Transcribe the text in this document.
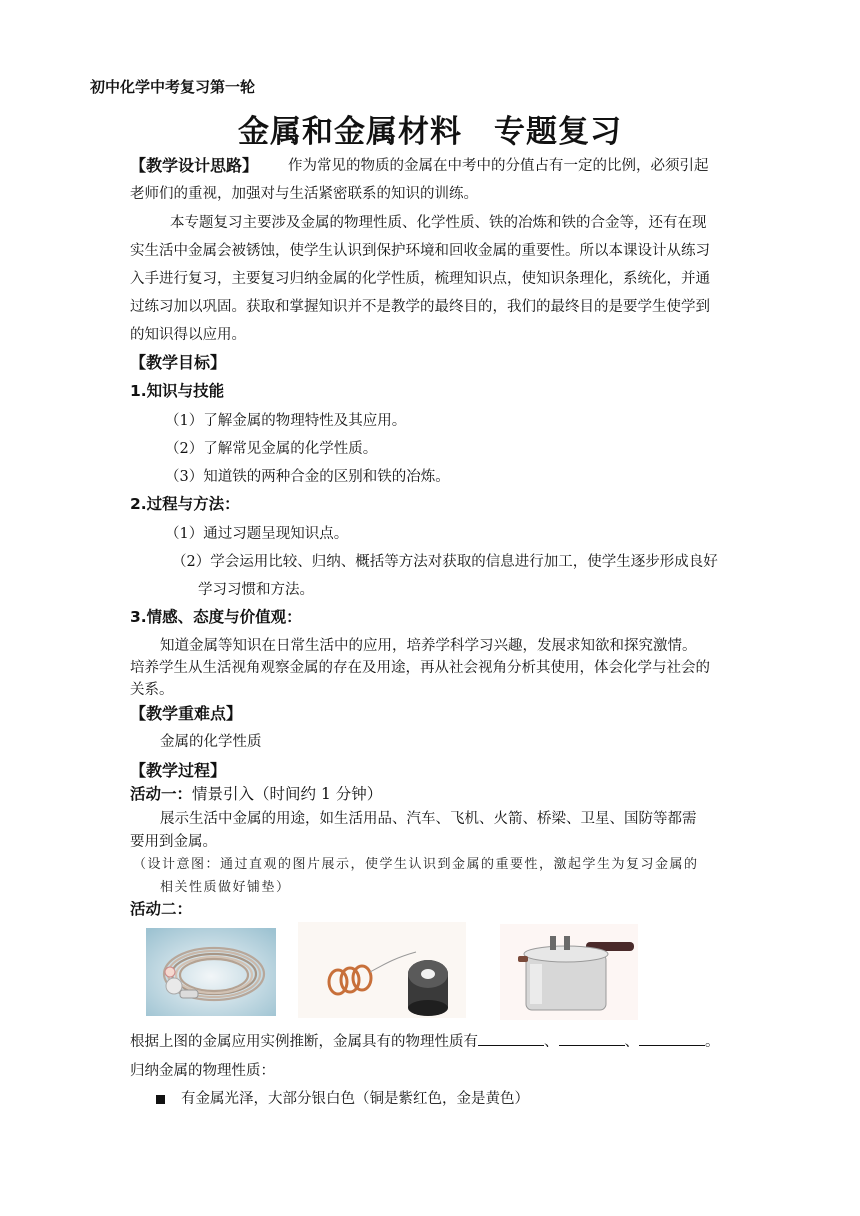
初中化学中考复习第一轮
金属和金属材料　专题复习
【教学设计思路】 作为常见的物质的金属在中考中的分值占有一定的比例，必须引起
老师们的重视，加强对与生活紧密联系的知识的训练。
本专题复习主要涉及金属的物理性质、化学性质、铁的冶炼和铁的合金等，还有在现
实生活中金属会被锈蚀，使学生认识到保护环境和回收金属的重要性。所以本课设计从练习
入手进行复习，主要复习归纳金属的化学性质，梳理知识点，使知识条理化，系统化，并通
过练习加以巩固。获取和掌握知识并不是教学的最终目的，我们的最终目的是要学生使学到
的知识得以应用。
【教学目标】
1.知识与技能
（1）了解金属的物理特性及其应用。
（2）了解常见金属的化学性质。
（3）知道铁的两种合金的区别和铁的冶炼。
2.过程与方法：
（1）通过习题呈现知识点。
（2）学会运用比较、归纳、概括等方法对获取的信息进行加工，使学生逐步形成良好
学习习惯和方法。
3.情感、态度与价值观：
知道金属等知识在日常生活中的应用，培养学科学习兴趣，发展求知欲和探究激情。
培养学生从生活视角观察金属的存在及用途，再从社会视角分析其使用，体会化学与社会的
关系。
【教学重难点】
金属的化学性质
【教学过程】
活动一：情景引入（时间约 1 分钟）
展示生活中金属的用途，如生活用品、汽车、飞机、火箭、桥梁、卫星、国防等都需
要用到金属。
（设计意图：通过直观的图片展示，使学生认识到金属的重要性，激起学生为复习金属的
相关性质做好铺垫）
活动二：
根据上图的金属应用实例推断，金属具有的物理性质有	、	、	。
归纳金属的物理性质：
有金属光泽，大部分银白色（铜是紫红色，金是黄色）
